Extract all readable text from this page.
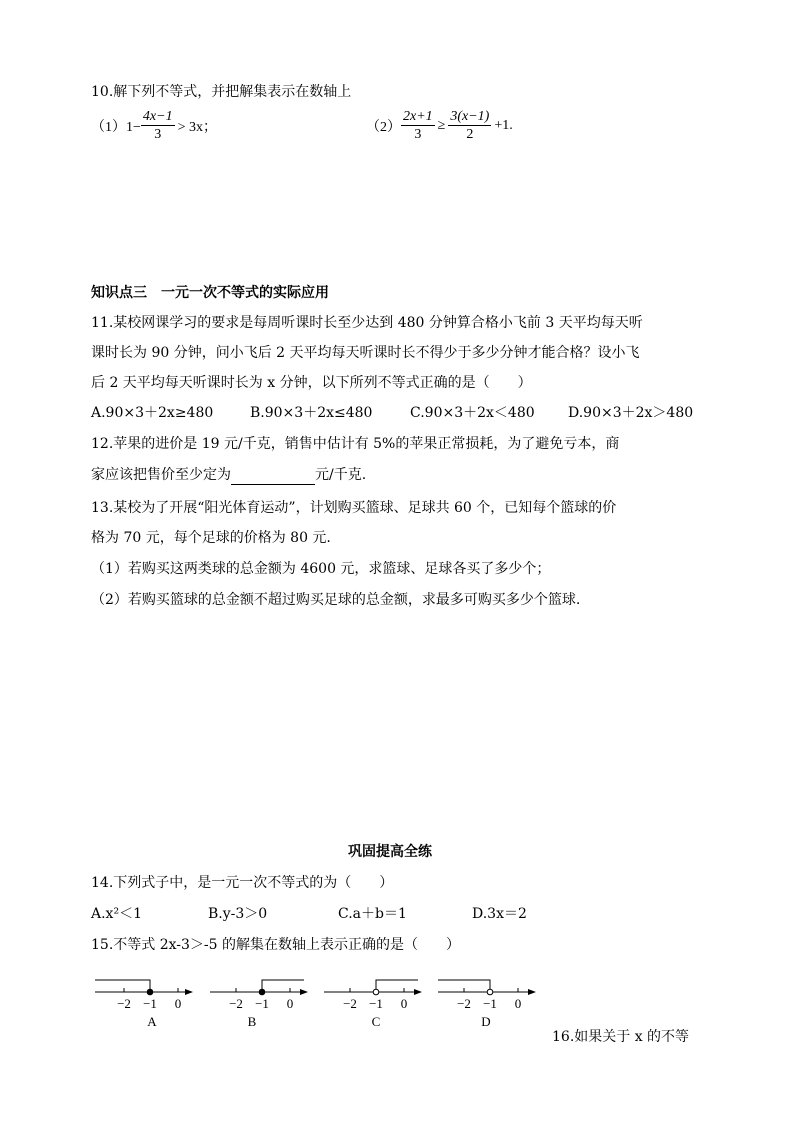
10.解下列不等式，并把解集表示在数轴上
$(1)1- \frac{4x-1}{3} > 3x$；	$(2) \frac{2x+1}{3} \ge \frac{3(x-1)}{2} +1$.
知识点三　一元一次不等式的实际应用
11.某校网课学习的要求是每周听课时长至少达到 480 分钟算合格小飞前 3 天平均每天听
课时长为 90 分钟，问小飞后 2 天平均每天听课时长不得少于多少分钟才能合格？设小飞
后 2 天平均每天听课时长为 x 分钟，以下所列不等式正确的是（　　）
A.90×3＋2x≥480	B.90×3＋2x≤480	C.90×3＋2x＜480 D.90×3＋2x＞480
12.苹果的进价是 19 元/千克，销售中估计有 5%的苹果正常损耗，为了避免亏本，商
家应该把售价至少定为	元/千克.
13.某校为了开展“阳光体育运动”，计划购买篮球、足球共 60 个，已知每个篮球的价
格为 70 元，每个足球的价格为 80 元.
（1）若购买这两类球的总金额为 4600 元，求篮球、足球各买了多少个；
（2）若购买篮球的总金额不超过购买足球的总金额，求最多可购买多少个篮球.
巩固提高全练
14.下列式子中，是一元一次不等式的为（　　）
A.x²＜1	B.y-3＞0	C.a＋b＝1	D.3x＝2
15.不等式 2x-3＞-5 的解集在数轴上表示正确的是（　　）
−2 −1 0
A
−2 −1 0
B
−2 −1 0
C
−2 −1 0
D
16.如果关于 x 的不等
